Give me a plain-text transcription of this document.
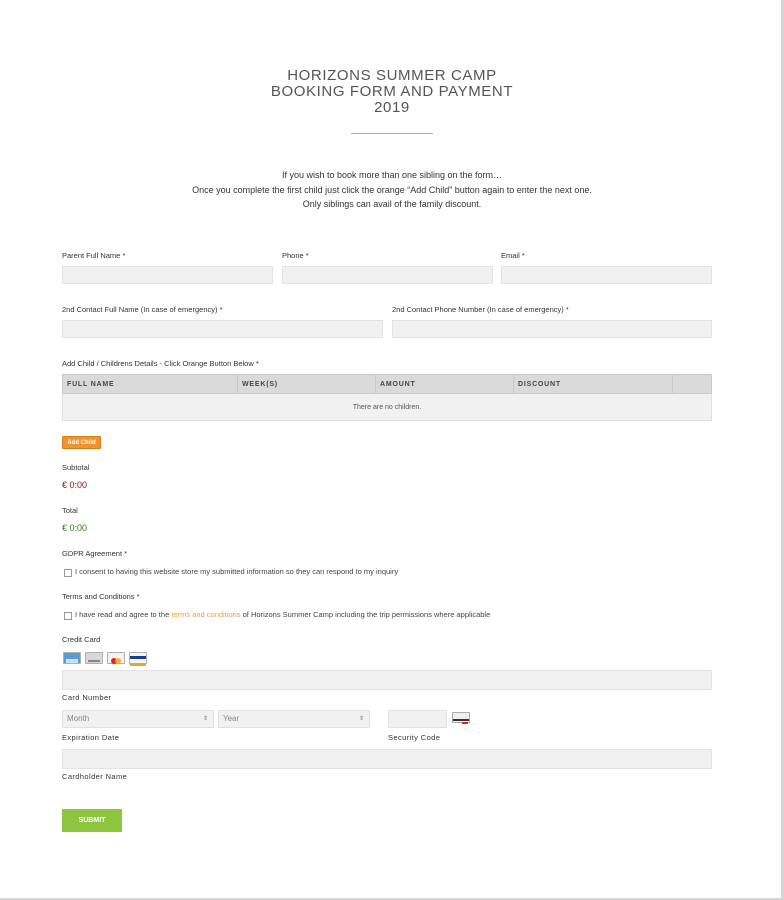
HORIZONS SUMMER CAMP
BOOKING FORM AND PAYMENT
2019
If you wish to book more than one sibling on the form…
Once you complete the first child just click the orange “Add Child” button again to enter the next one.
Only siblings can avail of the family discount.
Parent Full Name *	Phone *	Email *
2nd Contact Full Name (In case of emergency) *	2nd Contact Phone Number (In case of emergency) *
Add Child / Childrens Details - Click Orange Button Below *
FULL NAME	WEEK(S)	AMOUNT	DISCOUNT	
There are no children.
Add Child
Subtotal
€ 0:00
Total
€ 0:00
GDPR Agreement *
I consent to having this website store my submitted information so they can respond to my inquiry
Terms and Conditions *
I have read and agree to the terms and conditions of Horizons Summer Camp including the trip permissions where applicable
Credit Card
Card Number
Month	⇕	Year	⇕
Expiration Date	Security Code
Cardholder Name
SUBMIT
